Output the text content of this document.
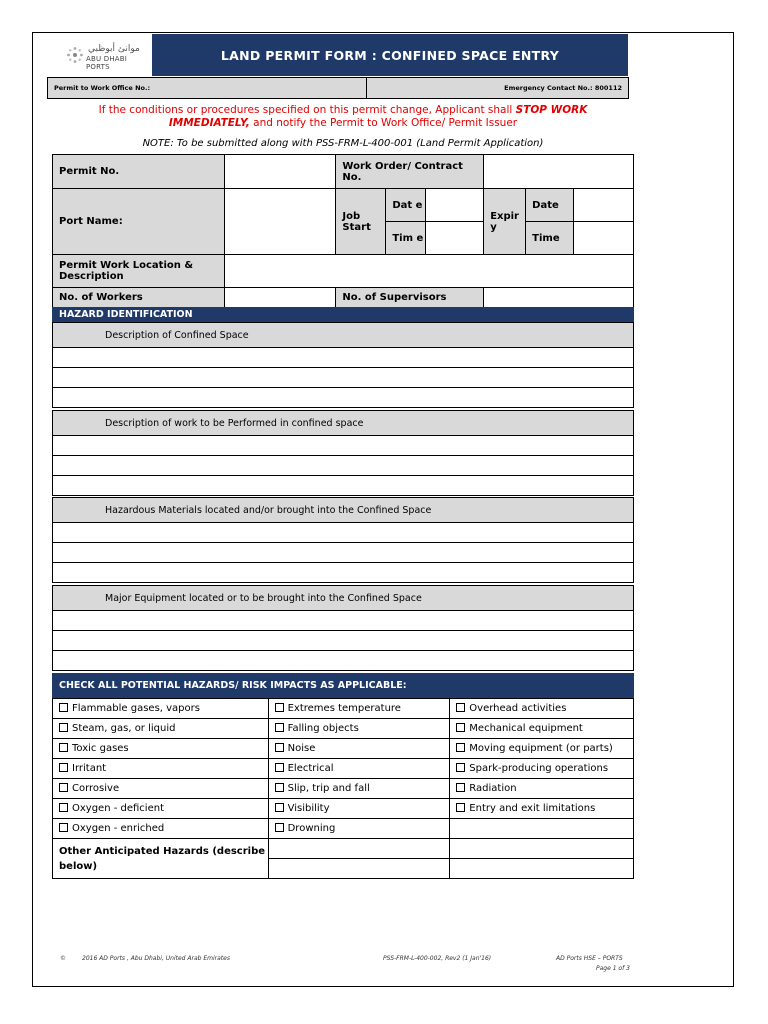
موانئ أبوظبي
ABU DHABI PORTS
LAND PERMIT FORM : CONFINED SPACE ENTRY
Permit to Work Office No.:	Emergency Contact No.: 800112
If the conditions or procedures specified on this permit change, Applicant shall STOP WORK IMMEDIATELY, and notify the Permit to Work Office/ Permit Issuer
NOTE: To be submitted along with PSS-FRM-L-400-001 (Land Permit Application)
Permit No.		Work Order/ Contract No.					
Port Name:		Job Start	Dat e		Expir y	Date	
			Tim e			Time	
Permit Work Location & Description							
No. of Workers		No. of Supervisors					
HAZARD IDENTIFICATION
Description of Confined Space
Description of work to be Performed in confined space
Hazardous Materials located and/or brought into the Confined Space
Major Equipment located or to be brought into the Confined Space
CHECK ALL POTENTIAL HAZARDS/ RISK IMPACTS AS APPLICABLE:
Flammable gases, vapors	Extremes temperature	Overhead activities
Steam, gas, or liquid	Falling objects	Mechanical equipment
Toxic gases	Noise	Moving equipment (or parts)
Irritant	Electrical	Spark-producing operations
Corrosive	Slip, trip and fall	Radiation
Oxygen - deficient	Visibility	Entry and exit limitations
Oxygen - enriched	Drowning	
Other Anticipated Hazards (describe below)		

©	2016 AD Ports , Abu Dhabi, United Arab Emirates	PSS-FRM-L-400-002, Rev2 (1 Jan'16)	AD Ports HSE – PORTS
Page 1 of 3
